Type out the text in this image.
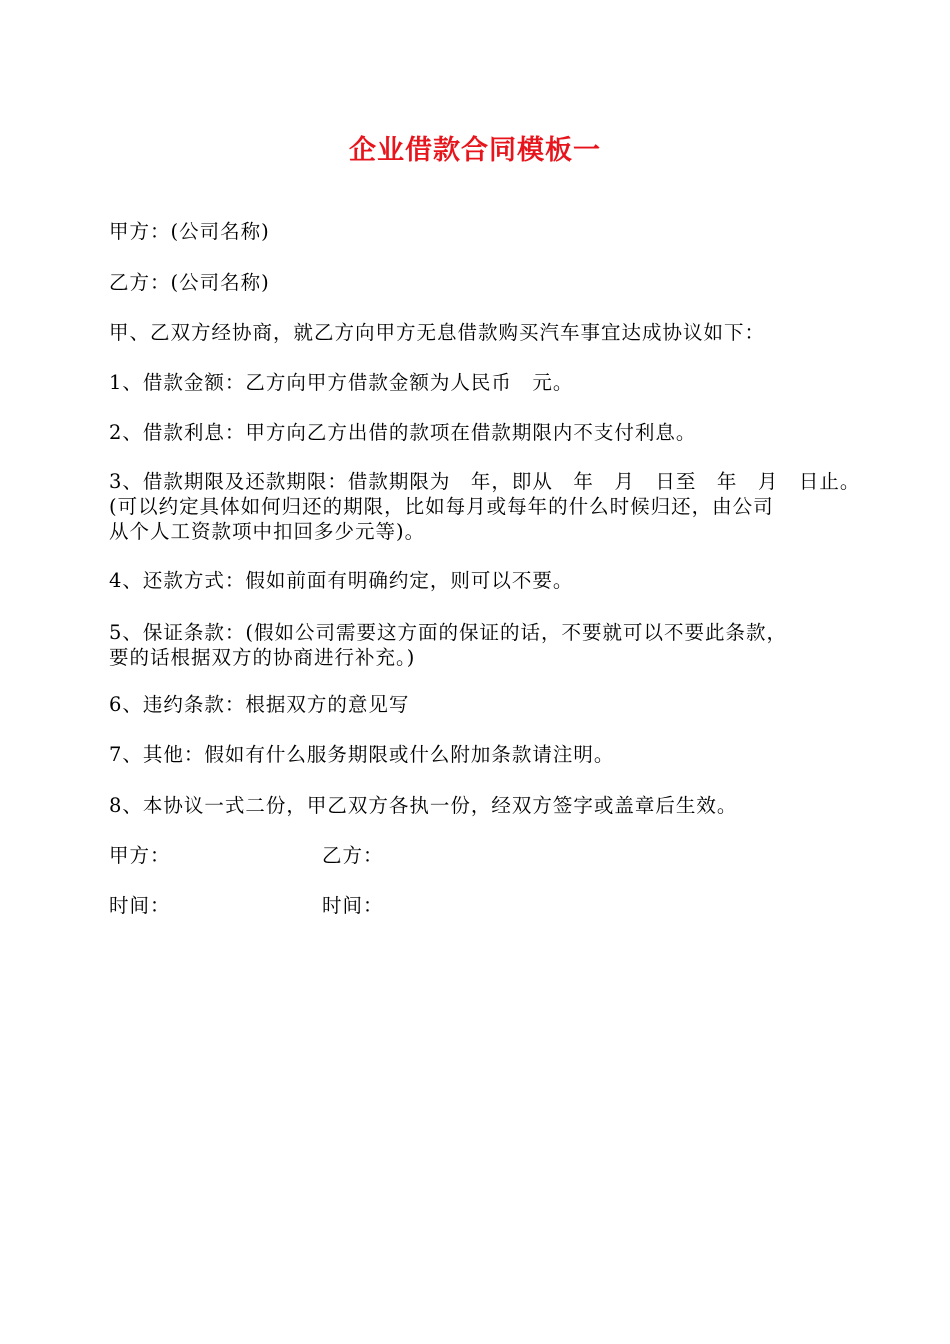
企业借款合同模板一
甲方：(公司名称)
乙方：(公司名称)
甲、乙双方经协商，就乙方向甲方无息借款购买汽车事宜达成协议如下：
1、借款金额：乙方向甲方借款金额为人民币　元。
2、借款利息：甲方向乙方出借的款项在借款期限内不支付利息。
3、借款期限及还款期限：借款期限为　年，即从　年　月　日至　年　月　日止。
(可以约定具体如何归还的期限，比如每月或每年的什么时候归还，由公司
从个人工资款项中扣回多少元等)。
4、还款方式：假如前面有明确约定，则可以不要。
5、保证条款：(假如公司需要这方面的保证的话，不要就可以不要此条款，
要的话根据双方的协商进行补充。)
6、违约条款：根据双方的意见写
7、其他：假如有什么服务期限或什么附加条款请注明。
8、本协议一式二份，甲乙双方各执一份，经双方签字或盖章后生效。
甲方：	乙方：
时间：	时间：
